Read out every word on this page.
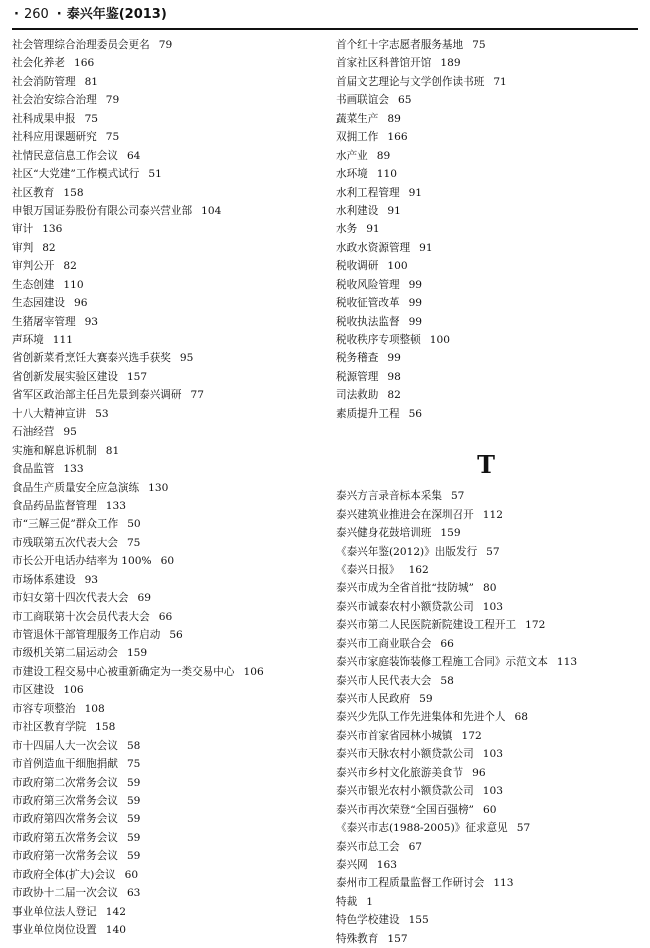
· 260 · 泰兴年鉴(2013)
社会管理综合治理委员会更名 79
社会化养老 166
社会消防管理 81
社会治安综合治理 79
社科成果申报 75
社科应用课题研究 75
社情民意信息工作会议 64
社区“大党建”工作模式试行 51
社区教育 158
申银万国证券股份有限公司泰兴营业部 104
审计 136
审判 82
审判公开 82
生态创建 110
生态园建设 96
生猪屠宰管理 93
声环境 111
省创新菜肴烹饪大赛泰兴选手获奖 95
省创新发展实验区建设 157
省军区政治部主任吕先景到泰兴调研 77
十八大精神宣讲 53
石油经营 95
实施和解息诉机制 81
食品监管 133
食品生产质量安全应急演练 130
食品药品监督管理 133
市“三解三促”群众工作 50
市残联第五次代表大会 75
市长公开电话办结率为 100% 60
市场体系建设 93
市妇女第十四次代表大会 69
市工商联第十次会员代表大会 66
市管退休干部管理服务工作启动 56
市级机关第二届运动会 159
市建设工程交易中心被重新确定为一类交易中心 106
市区建设 106
市容专项整治 108
市社区教育学院 158
市十四届人大一次会议 58
市首例造血干细胞捐献 75
市政府第二次常务会议 59
市政府第三次常务会议 59
市政府第四次常务会议 59
市政府第五次常务会议 59
市政府第一次常务会议 59
市政府全体(扩大)会议 60
市政协十二届一次会议 63
事业单位法人登记 142
事业单位岗位设置 140
首个红十字志愿者服务基地 75
首家社区科普馆开馆 189
首届文艺理论与文学创作读书班 71
书画联谊会 65
蔬菜生产 89
双拥工作 166
水产业 89
水环境 110
水利工程管理 91
水利建设 91
水务 91
水政水资源管理 91
税收调研 100
税收风险管理 99
税收征管改革 99
税收执法监督 99
税收秩序专项整顿 100
税务稽查 99
税源管理 98
司法救助 82
素质提升工程 56
T
泰兴方言录音标本采集 57
泰兴建筑业推进会在深圳召开 112
泰兴健身花鼓培训班 159
《泰兴年鉴(2012)》出版发行 57
《泰兴日报》 162
泰兴市成为全省首批“技防城” 80
泰兴市诚泰农村小额贷款公司 103
泰兴市第二人民医院新院建设工程开工 172
泰兴市工商业联合会 66
泰兴市家庭装饰装修工程施工合同》示范文本 113
泰兴市人民代表大会 58
泰兴市人民政府 59
泰兴少先队工作先进集体和先进个人 68
泰兴市首家省园林小城镇 172
泰兴市天脉农村小额贷款公司 103
泰兴市乡村文化旅游美食节 96
泰兴市银光农村小额贷款公司 103
泰兴市再次荣登“全国百强榜” 60
《泰兴市志(1988-2005)》征求意见 57
泰兴市总工会 67
泰兴网 163
泰州市工程质量监督工作研讨会 113
特裁 1
特色学校建设 155
特殊教育 157
